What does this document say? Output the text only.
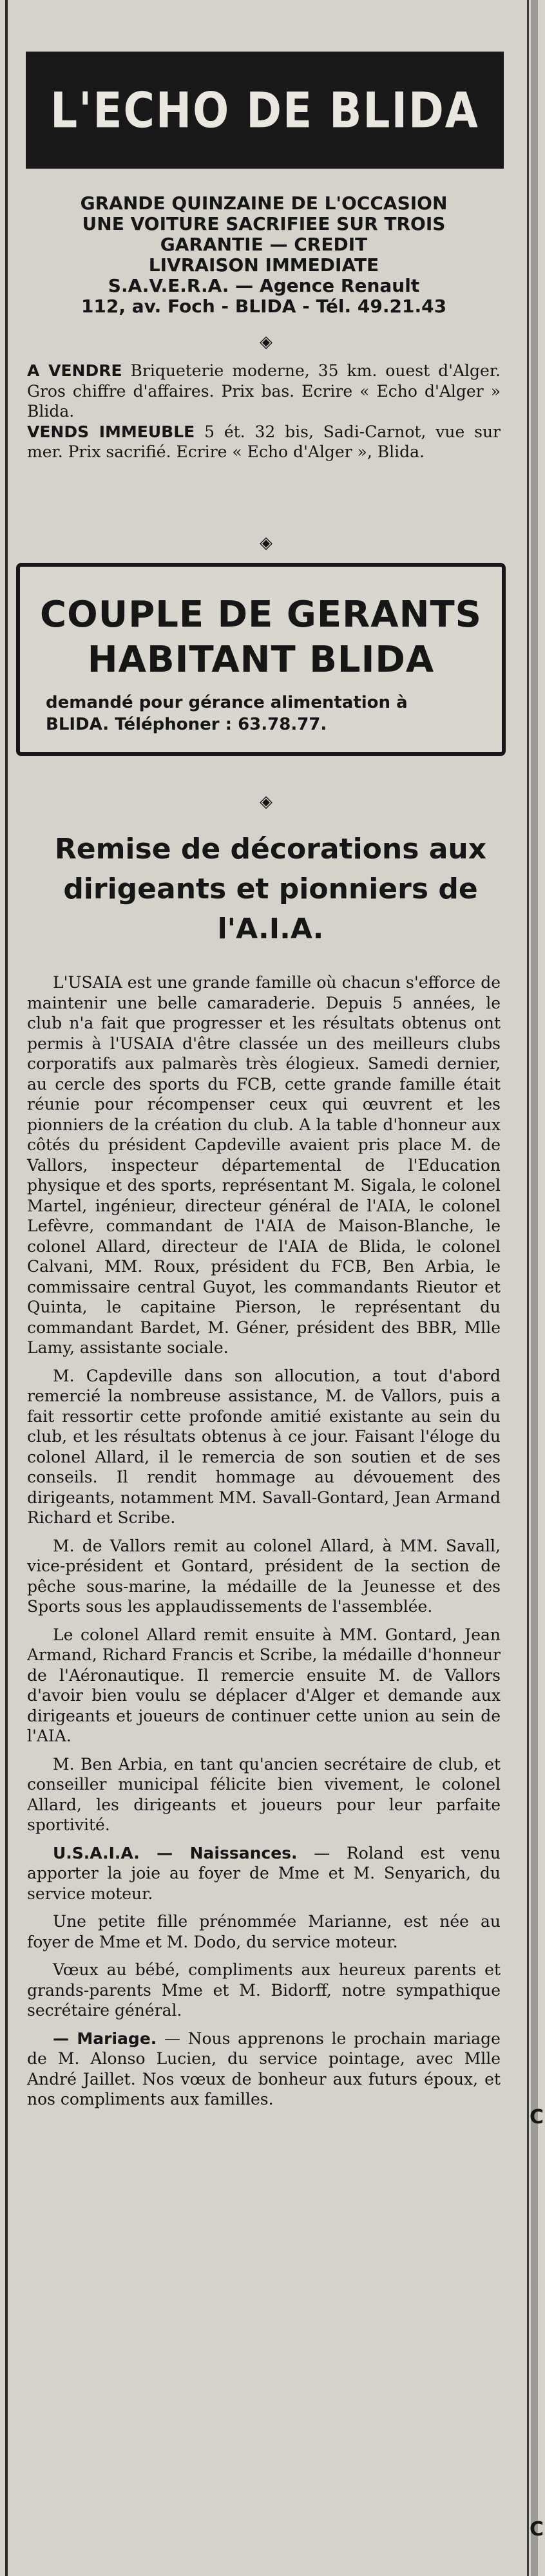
L'ECHO DE BLIDA

GRANDE QUINZAINE DE L'OCCASION

UNE VOITURE SACRIFIEE SUR TROIS

GARANTIE — CREDIT

LIVRAISON IMMEDIATE

S.A.V.E.R.A. — Agence Renault

112, av. Foch - BLIDA - Tél. 49.21.43

◈

A VENDRE Briqueterie moderne, 35 km. ouest d'Alger. Gros chiffre d'affaires. Prix bas. Ecrire « Echo d'Alger » Blida.

VENDS IMMEUBLE 5 ét. 32 bis, Sadi-Carnot, vue sur mer. Prix sacrifié. Ecrire « Echo d'Alger », Blida.

◈

COUPLE DE GERANTS

HABITANT BLIDA

demandé pour gérance alimentation à BLIDA. Téléphoner : 63.78.77.

◈
Remise de décorations aux dirigeants et pionniers de l'A.I.A.

L'USAIA est une grande famille où chacun s'efforce de maintenir une belle camaraderie. Depuis 5 années, le club n'a fait que progresser et les résultats obtenus ont permis à l'USAIA d'être classée un des meilleurs clubs corporatifs aux palmarès très élogieux. Samedi dernier, au cercle des sports du FCB, cette grande famille était réunie pour récompenser ceux qui œuvrent et les pionniers de la création du club. A la table d'honneur aux côtés du président Capdeville avaient pris place M. de Vallors, inspecteur départemental de l'Education physique et des sports, représentant M. Sigala, le colonel Martel, ingénieur, directeur général de l'AIA, le colonel Lefèvre, commandant de l'AIA de Maison-Blanche, le colonel Allard, directeur de l'AIA de Blida, le colonel Calvani, MM. Roux, président du FCB, Ben Arbia, le commissaire central Guyot, les commandants Rieutor et Quinta, le capitaine Pierson, le représentant du commandant Bardet, M. Géner, président des BBR, Mlle Lamy, assistante sociale.

M. Capdeville dans son allocution, a tout d'abord remercié la nombreuse assistance, M. de Vallors, puis a fait ressortir cette profonde amitié existante au sein du club, et les résultats obtenus à ce jour. Faisant l'éloge du colonel Allard, il le remercia de son soutien et de ses conseils. Il rendit hommage au dévouement des dirigeants, notamment MM. Savall-Gontard, Jean Armand Richard et Scribe.

M. de Vallors remit au colonel Allard, à MM. Savall, vice-président et Gontard, président de la section de pêche sous-marine, la médaille de la Jeunesse et des Sports sous les applaudissements de l'assemblée.

Le colonel Allard remit ensuite à MM. Gontard, Jean Armand, Richard Francis et Scribe, la médaille d'honneur de l'Aéronautique. Il remercie ensuite M. de Vallors d'avoir bien voulu se déplacer d'Alger et demande aux dirigeants et joueurs de continuer cette union au sein de l'AIA.

M. Ben Arbia, en tant qu'ancien secrétaire de club, et conseiller municipal félicite bien vivement, le colonel Allard, les dirigeants et joueurs pour leur parfaite sportivité.

U.S.A.I.A. — Naissances. — Roland est venu apporter la joie au foyer de Mme et M. Senyarich, du service moteur.

Une petite fille prénommée Marianne, est née au foyer de Mme et M. Dodo, du service moteur.

Vœux au bébé, compliments aux heureux parents et grands-parents Mme et M. Bidorff, notre sympathique secrétaire général.

— Mariage. — Nous apprenons le prochain mariage de M. Alonso Lucien, du service pointage, avec Mlle André Jaillet. Nos vœux de bonheur aux futurs époux, et nos compliments aux familles.

C
C
